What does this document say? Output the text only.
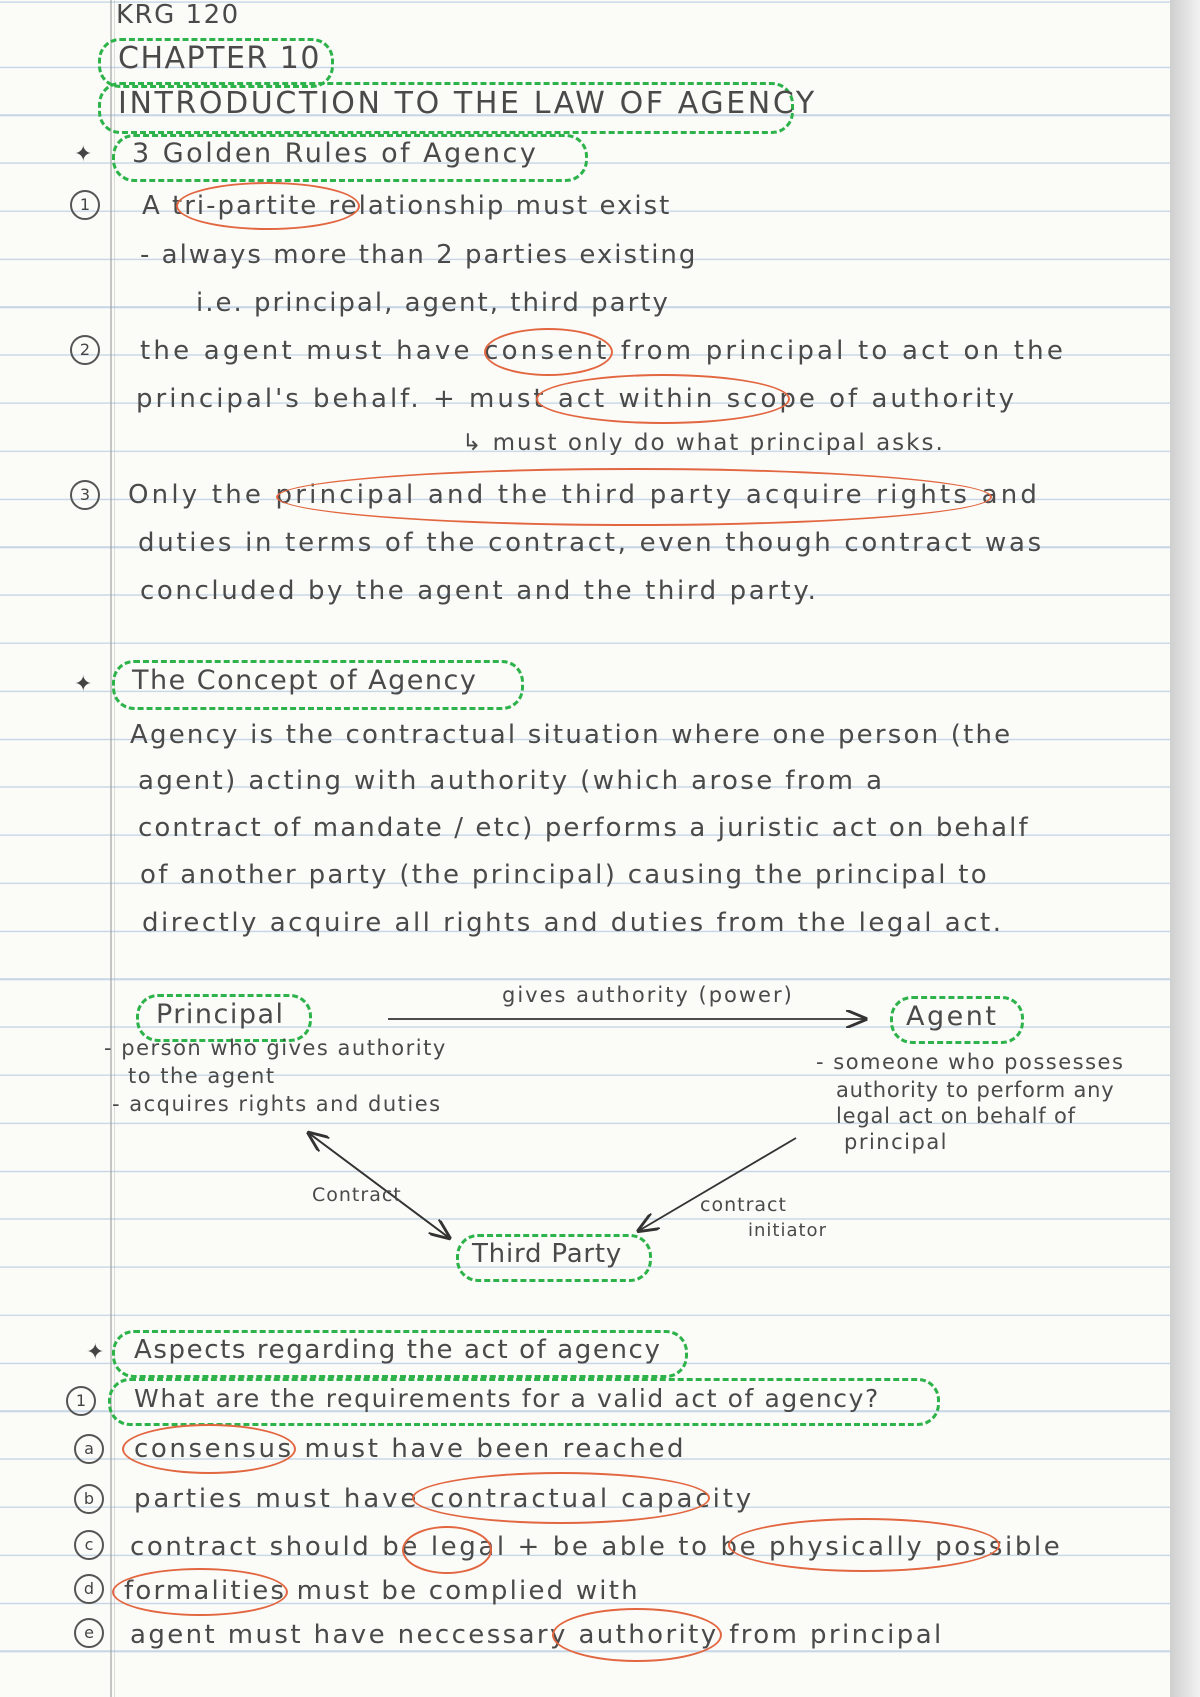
KRG 120
CHAPTER 10
INTRODUCTION TO THE LAW OF AGENCY
✦ 3 Golden Rules of Agency
1	A tri-partite relationship must exist
- always more than 2 parties existing
i.e. principal, agent, third party
2	the agent must have consent from principal to act on the
principal's behalf. + must act within scope of authority
↳ must only do what principal asks.
3	Only the principal and the third party acquire rights and
duties in terms of the contract, even though contract was
concluded by the agent and the third party.
✦ The Concept of Agency
Agency is the contractual situation where one person (the
agent) acting with authority (which arose from a
contract of mandate / etc) performs a juristic act on behalf
of another party (the principal) causing the principal to
directly acquire all rights and duties from the legal act.
gives authority (power)
Principal
- person who gives authority
to the agent
- acquires rights and duties
Agent
- someone who possesses
authority to perform any
legal act on behalf of
principal
Contract	contract
initiator
Third Party
✦ Aspects regarding the act of agency
1	What are the requirements for a valid act of agency?
a	consensus must have been reached
b	parties must have contractual capacity
c	contract should be legal + be able to be physically possible
d	formalities must be complied with
e	agent must have neccessary authority from principal
